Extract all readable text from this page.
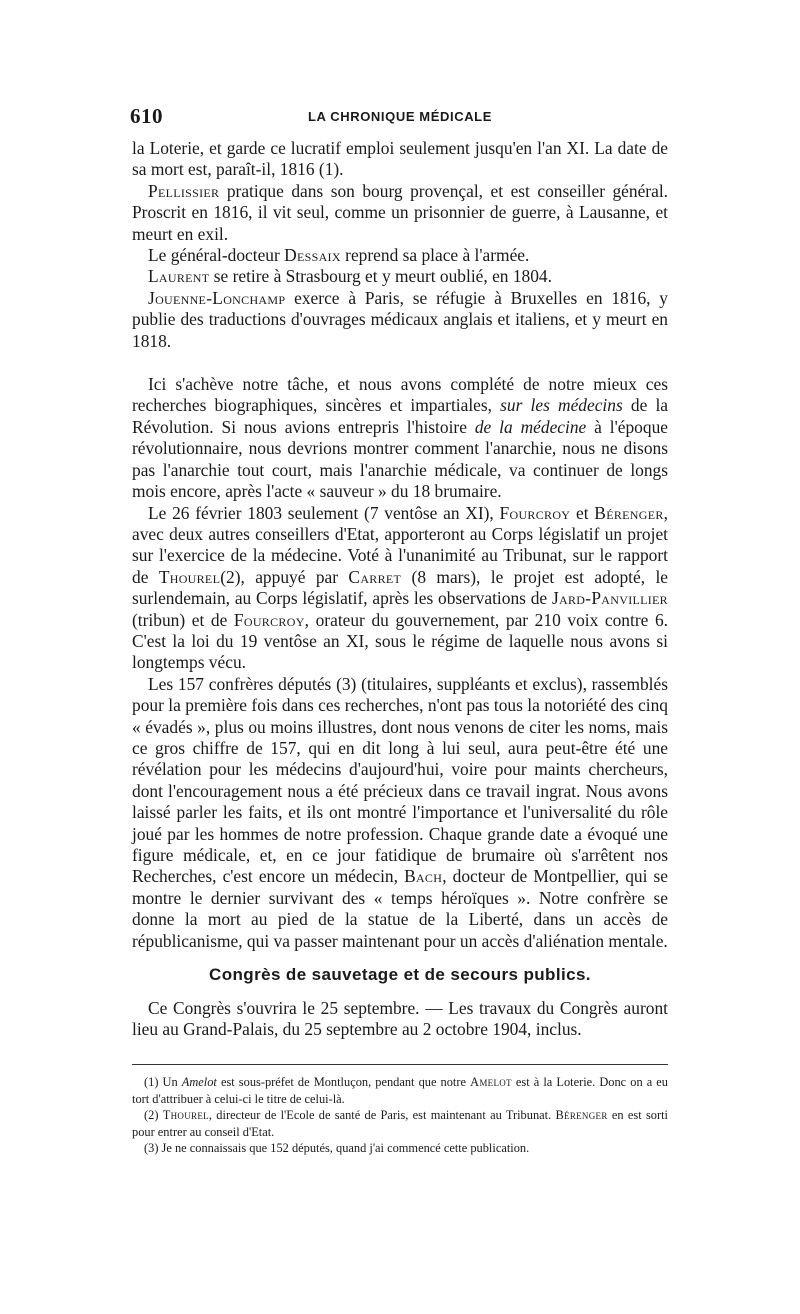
610	LA CHRONIQUE MÉDICALE

la Loterie, et garde ce lucratif emploi seulement jusqu'en l'an XI. La date de sa mort est, paraît-il, 1816 (1).

Pellissier pratique dans son bourg provençal, et est conseiller général. Proscrit en 1816, il vit seul, comme un prisonnier de guerre, à Lausanne, et meurt en exil.

Le général-docteur Dessaix reprend sa place à l'armée.

Laurent se retire à Strasbourg et y meurt oublié, en 1804.

Jouenne-Lonchamp exerce à Paris, se réfugie à Bruxelles en 1816, y publie des traductions d'ouvrages médicaux anglais et italiens, et y meurt en 1818.

Ici s'achève notre tâche, et nous avons complété de notre mieux ces recherches biographiques, sincères et impartiales, sur les médecins de la Révolution. Si nous avions entrepris l'histoire de la médecine à l'époque révolutionnaire, nous devrions montrer comment l'anarchie, nous ne disons pas l'anarchie tout court, mais l'anarchie médicale, va continuer de longs mois encore, après l'acte « sauveur » du 18 brumaire.

Le 26 février 1803 seulement (7 ventôse an XI), Fourcroy et Bérenger, avec deux autres conseillers d'Etat, apporteront au Corps législatif un projet sur l'exercice de la médecine. Voté à l'unanimité au Tribunat, sur le rapport de Thourel(2), appuyé par Carret (8 mars), le projet est adopté, le surlendemain, au Corps législatif, après les observations de Jard-Panvillier (tribun) et de Fourcroy, orateur du gouvernement, par 210 voix contre 6. C'est la loi du 19 ventôse an XI, sous le régime de laquelle nous avons si longtemps vécu.

Les 157 confrères députés (3) (titulaires, suppléants et exclus), rassemblés pour la première fois dans ces recherches, n'ont pas tous la notoriété des cinq « évadés », plus ou moins illustres, dont nous venons de citer les noms, mais ce gros chiffre de 157, qui en dit long à lui seul, aura peut-être été une révélation pour les médecins d'aujourd'hui, voire pour maints chercheurs, dont l'encouragement nous a été précieux dans ce travail ingrat. Nous avons laissé parler les faits, et ils ont montré l'importance et l'universalité du rôle joué par les hommes de notre profession. Chaque grande date a évoqué une figure médicale, et, en ce jour fatidique de brumaire où s'arrêtent nos Recherches, c'est encore un médecin, Bach, docteur de Montpellier, qui se montre le dernier survivant des « temps héroïques ». Notre confrère se donne la mort au pied de la statue de la Liberté, dans un accès de républicanisme, qui va passer maintenant pour un accès d'aliénation mentale.

Congrès de sauvetage et de secours publics.

Ce Congrès s'ouvrira le 25 septembre. — Les travaux du Congrès auront lieu au Grand-Palais, du 25 septembre au 2 octobre 1904, inclus.

(1) Un Amelot est sous-préfet de Montluçon, pendant que notre Amelot est à la Loterie. Donc on a eu tort d'attribuer à celui-ci le titre de celui-là.

(2) Thourel, directeur de l'Ecole de santé de Paris, est maintenant au Tribunat. Bérenger en est sorti pour entrer au conseil d'Etat.

(3) Je ne connaissais que 152 députés, quand j'ai commencé cette publication.
